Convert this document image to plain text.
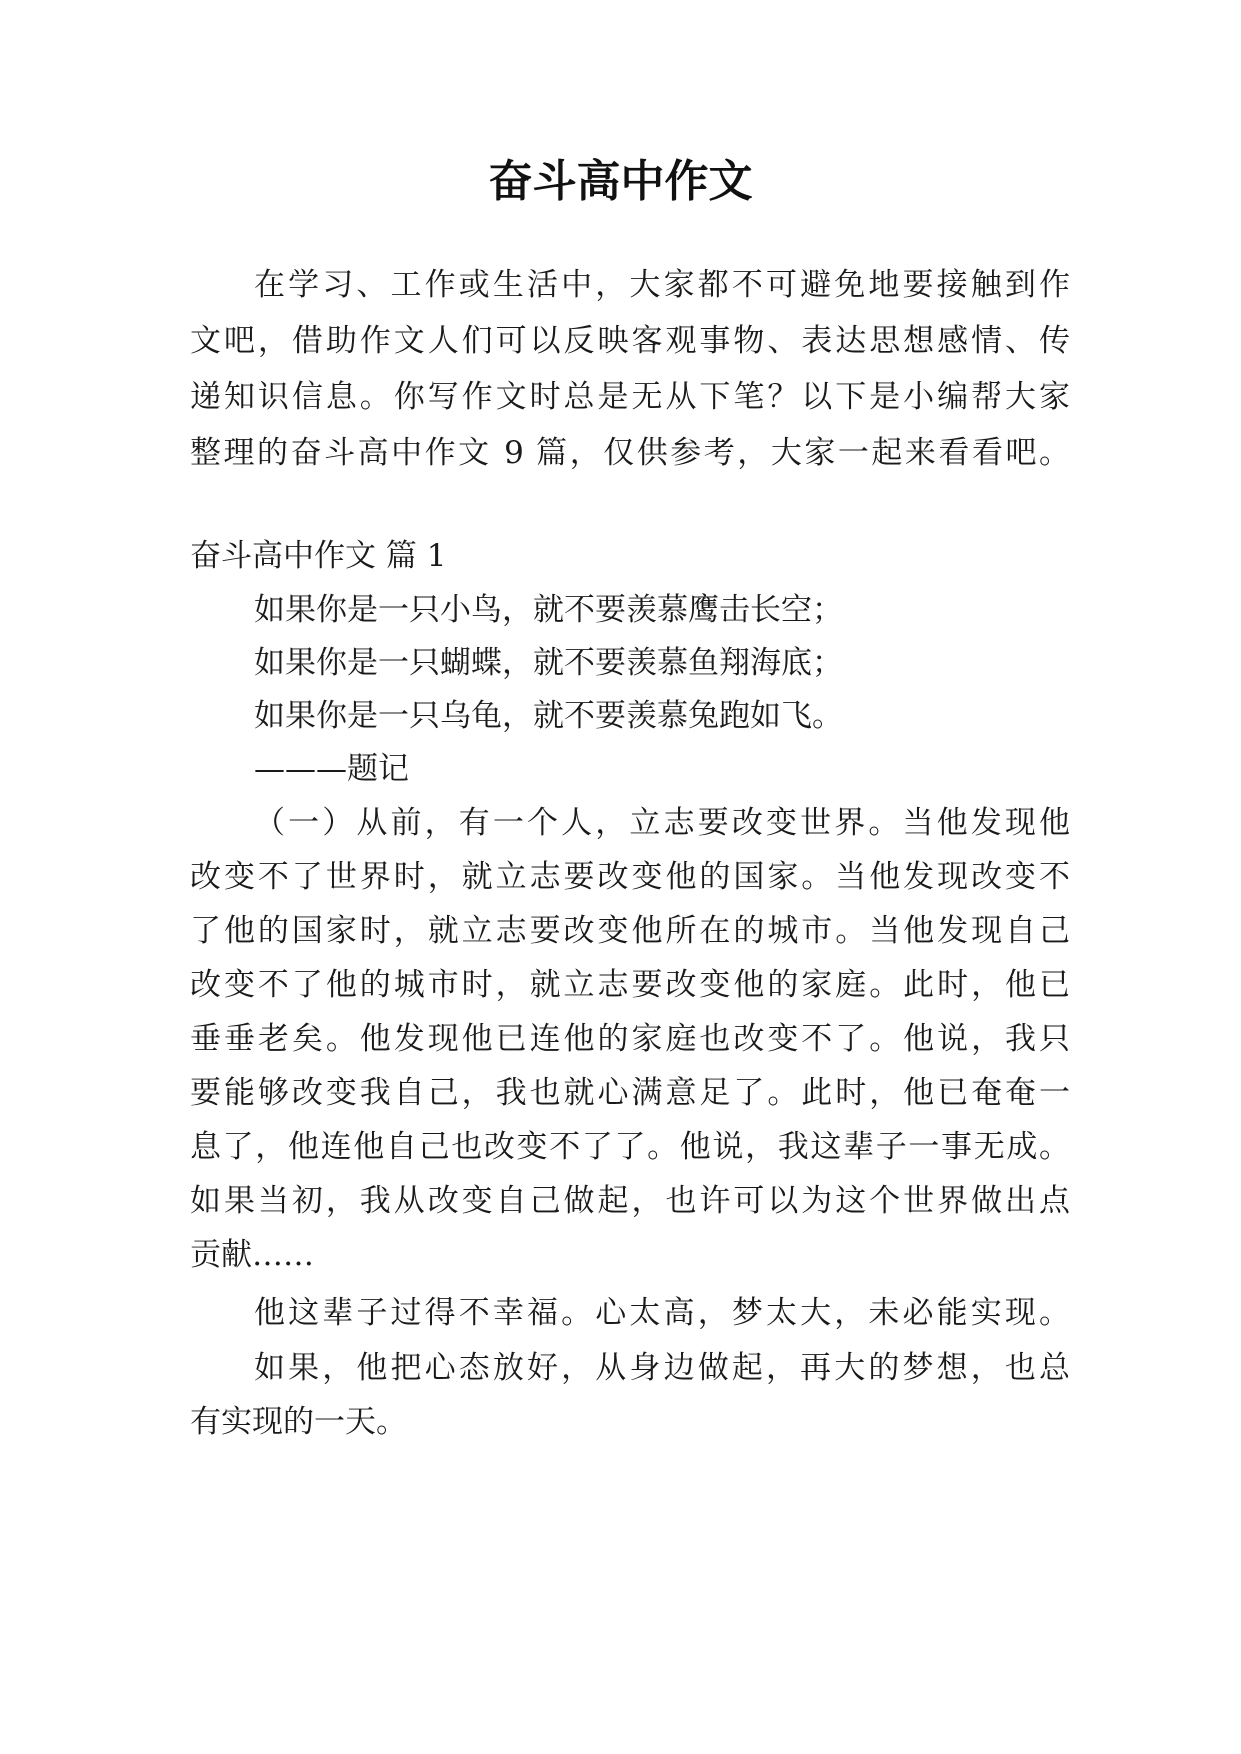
奋斗高中作文
在学习、工作或生活中，大家都不可避免地要接触到作
文吧，借助作文人们可以反映客观事物、表达思想感情、传
递知识信息。你写作文时总是无从下笔？以下是小编帮大家
整理的奋斗高中作文 9 篇，仅供参考，大家一起来看看吧。
奋斗高中作文 篇 1
如果你是一只小鸟，就不要羡慕鹰击长空；
如果你是一只蝴蝶，就不要羡慕鱼翔海底；
如果你是一只乌龟，就不要羡慕兔跑如飞。
———题记
（一）从前，有一个人，立志要改变世界。当他发现他
改变不了世界时，就立志要改变他的国家。当他发现改变不
了他的国家时，就立志要改变他所在的城市。当他发现自己
改变不了他的城市时，就立志要改变他的家庭。此时，他已
垂垂老矣。他发现他已连他的家庭也改变不了。他说，我只
要能够改变我自己，我也就心满意足了。此时，他已奄奄一
息了，他连他自己也改变不了了。他说，我这辈子一事无成。
如果当初，我从改变自己做起，也许可以为这个世界做出点
贡献……
他这辈子过得不幸福。心太高，梦太大，未必能实现。
如果，他把心态放好，从身边做起，再大的梦想，也总
有实现的一天。
